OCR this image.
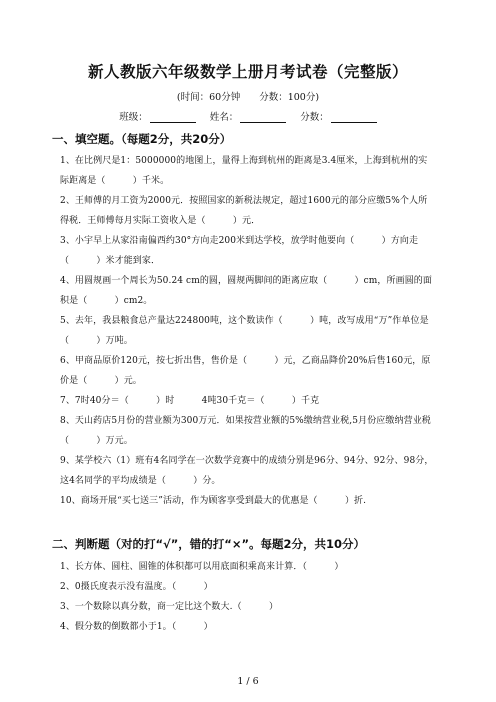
新人教版六年级数学上册月考试卷（完整版）
(时间：60分钟　　分数：100分)
班级：	姓名：	分数：
一、填空题。（每题2分，共20分）
1、在比例尺是1：5000000的地图上，量得上海到杭州的距离是3.4厘米，上海到杭州的实际距离是（　　　）千米。
2、王师傅的月工资为2000元．按照国家的新税法规定，超过1600元的部分应缴5%个人所得税．王师傅每月实际工资收入是（　　　）元．
3、小宇早上从家沿南偏西约30°方向走200米到达学校，放学时他要向（　　　）方向走（　　　）米才能到家．
4、用圆规画一个周长为50.24 cm的圆，圆规两脚间的距离应取（　　　）cm，所画圆的面积是（　　　）cm2。
5、去年，我县粮食总产量达224800吨，这个数读作（　　　）吨，改写成用“万”作单位是（　　　）万吨。
6、甲商品原价120元，按七折出售，售价是（　　　）元，乙商品降价20%后售160元，原价是（　　　）元。
7、7时40分＝（　　　）时　　　4吨30千克＝（　　　）千克
8、天山药店5月份的营业额为300万元．如果按营业额的5%缴纳营业税,5月份应缴纳营业税（　　　）万元。
9、某学校六（1）班有4名同学在一次数学竞赛中的成绩分别是96分、94分、92分、98分，这4名同学的平均成绩是（　　　）分。
10、商场开展“买七送三”活动，作为顾客享受到最大的优惠是（　　　）折.
二、判断题（对的打“√”，错的打“×”。每题2分，共10分）
1、长方体、圆柱、圆锥的体积都可以用底面积乘高来计算．（　　　）
2、0摄氏度表示没有温度。（　　　）
3、一个数除以真分数，商一定比这个数大.（　　　）
4、假分数的倒数都小于1。（　　　）
1 / 6
